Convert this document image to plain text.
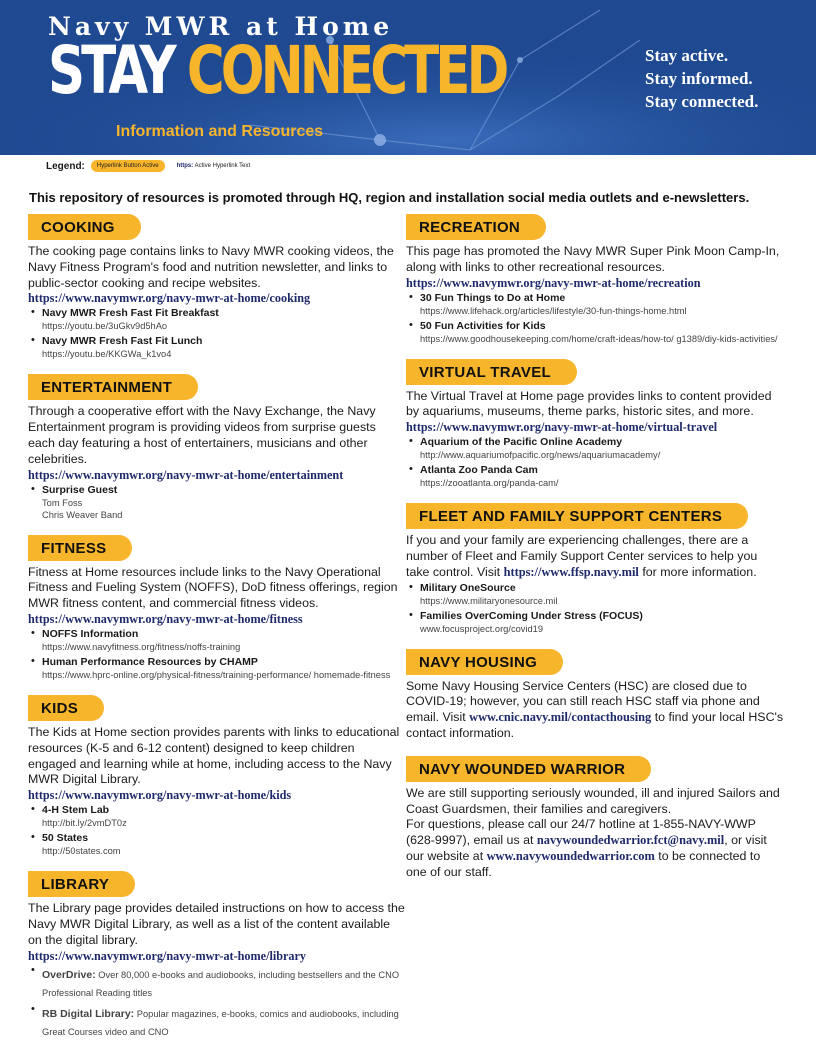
Navy MWR at Home
STAY CONNECTED
Information and Resources
Stay active.
Stay informed.
Stay connected.
Legend:	Hyperlink Button Active	https: Active Hyperlink Text
This repository of resources is promoted through HQ, region and installation social media outlets and e-newsletters.
COOKING
The cooking page contains links to Navy MWR cooking videos, the Navy Fitness Program's food and nutrition newsletter, and links to public-sector cooking and recipe websites.
https://www.navymwr.org/navy-mwr-at-home/cooking
• Navy MWR Fresh Fast Fit Breakfast
https://youtu.be/3uGkv9d5hAo
• Navy MWR Fresh Fast Fit Lunch
https://youtu.be/KKGWa_k1vo4
ENTERTAINMENT
Through a cooperative effort with the Navy Exchange, the Navy Entertainment program is providing videos from surprise guests each day featuring a host of entertainers, musicians and other celebrities.
https://www.navymwr.org/navy-mwr-at-home/entertainment
• Surprise Guest
Tom Foss
Chris Weaver Band
FITNESS
Fitness at Home resources include links to the Navy Operational Fitness and Fueling System (NOFFS), DoD fitness offerings, region MWR fitness content, and commercial fitness videos.
https://www.navymwr.org/navy-mwr-at-home/fitness
• NOFFS Information
https://www.navyfitness.org/fitness/noffs-training
• Human Performance Resources by CHAMP
https://www.hprc-online.org/physical-fitness/training-performance/ homemade-fitness
KIDS
The Kids at Home section provides parents with links to educational resources (K-5 and 6-12 content) designed to keep children engaged and learning while at home, including access to the Navy MWR Digital Library.
https://www.navymwr.org/navy-mwr-at-home/kids
• 4-H Stem Lab
http://bit.ly/2vmDT0z
• 50 States
http://50states.com
LIBRARY
The Library page provides detailed instructions on how to access the Navy MWR Digital Library, as well as a list of the content available on the digital library.
https://www.navymwr.org/navy-mwr-at-home/library
• OverDrive: Over 80,000 e-books and audiobooks, including bestsellers and the CNO Professional Reading titles
• RB Digital Library: Popular magazines, e-books, comics and audiobooks, including Great Courses video and CNO
RECREATION
This page has promoted the Navy MWR Super Pink Moon Camp-In, along with links to other recreational resources.
https://www.navymwr.org/navy-mwr-at-home/recreation
• 30 Fun Things to Do at Home
https://www.lifehack.org/articles/lifestyle/30-fun-things-home.html
• 50 Fun Activities for Kids
https://www.goodhousekeeping.com/home/craft-ideas/how-to/ g1389/diy-kids-activities/
VIRTUAL TRAVEL
The Virtual Travel at Home page provides links to content provided by aquariums, museums, theme parks, historic sites, and more.
https://www.navymwr.org/navy-mwr-at-home/virtual-travel
• Aquarium of the Pacific Online Academy
http://www.aquariumofpacific.org/news/aquariumacademy/
• Atlanta Zoo Panda Cam
https://zooatlanta.org/panda-cam/
FLEET AND FAMILY SUPPORT CENTERS
If you and your family are experiencing challenges, there are a number of Fleet and Family Support Center services to help you take control. Visit https://www.ffsp.navy.mil for more information.
• Military OneSource
https://www.militaryonesource.mil
• Families OverComing Under Stress (FOCUS)
www.focusproject.org/covid19
NAVY HOUSING
Some Navy Housing Service Centers (HSC) are closed due to COVID-19; however, you can still reach HSC staff via phone and email. Visit www.cnic.navy.mil/contacthousing to find your local HSC's contact information.
NAVY WOUNDED WARRIOR
We are still supporting seriously wounded, ill and injured Sailors and Coast Guardsmen, their families and caregivers.
For questions, please call our 24/7 hotline at 1-855-NAVY-WWP (628-9997), email us at navywoundedwarrior.fct@navy.mil, or visit our website at www.navywoundedwarrior.com to be connected to one of our staff.
